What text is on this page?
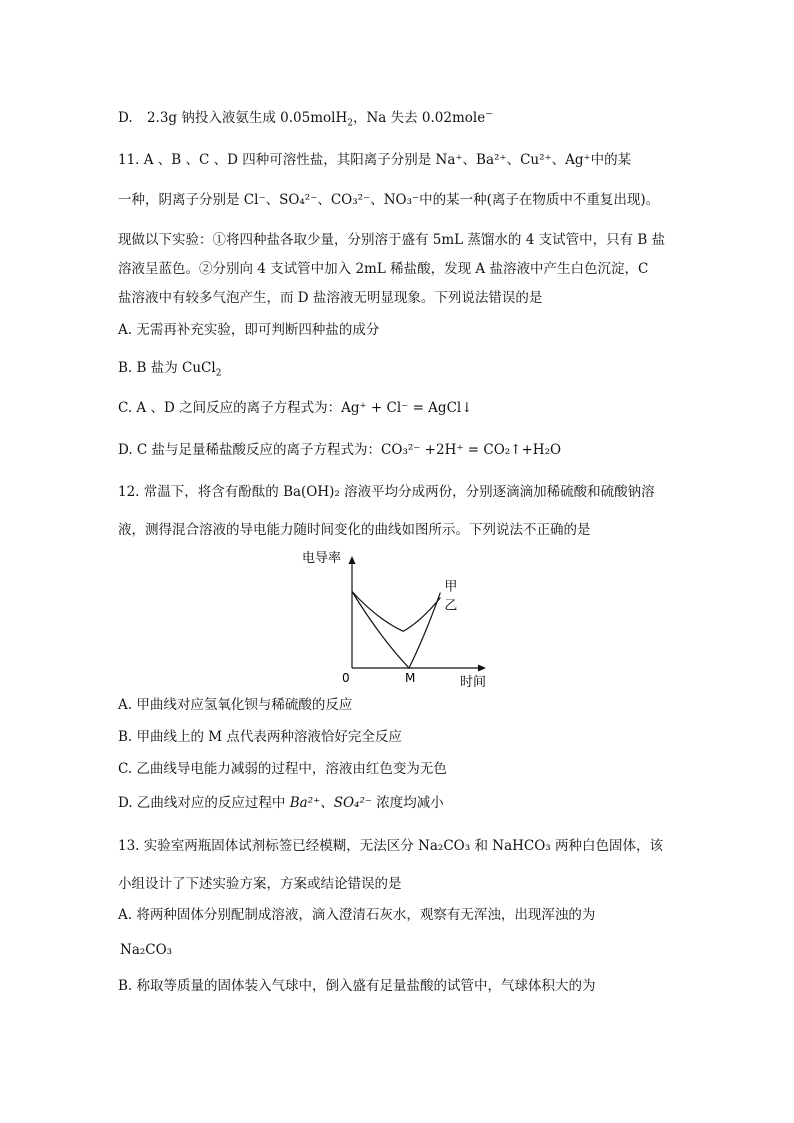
D. 2.3g 钠投入液氨生成 0.05molH$_2$，Na 失去 0.02mole−
11. A 、B 、C 、D 四种可溶性盐，其阳离子分别是 Na⁺、Ba²⁺、Cu²⁺、Ag⁺中的某
一种，阴离子分别是 Cl⁻、SO₄²⁻、CO₃²⁻、NO₃⁻中的某一种(离子在物质中不重复出现)。
现做以下实验：①将四种盐各取少量，分别溶于盛有 5mL 蒸馏水的 4 支试管中，只有 B 盐
溶液呈蓝色。②分别向 4 支试管中加入 2mL 稀盐酸，发现 A 盐溶液中产生白色沉淀，C
盐溶液中有较多气泡产生，而 D 盐溶液无明显现象。下列说法错误的是
A. 无需再补充实验，即可判断四种盐的成分
B. B 盐为 CuCl$_2$
C. A 、D 之间反应的离子方程式为：Ag⁺ + Cl⁻ = AgCl↓
D. C 盐与足量稀盐酸反应的离子方程式为：CO₃²⁻ +2H⁺ = CO₂↑+H₂O
12. 常温下，将含有酚酞的 Ba(OH)₂ 溶液平均分成两份，分别逐滴滴加稀硫酸和硫酸钠溶
液，测得混合溶液的导电能力随时间变化的曲线如图所示。下列说法不正确的是
电导率
时间
0	M
甲
乙
A. 甲曲线对应氢氧化钡与稀硫酸的反应
B. 甲曲线上的 M 点代表两种溶液恰好完全反应
C. 乙曲线导电能力减弱的过程中，溶液由红色变为无色
D. 乙曲线对应的反应过程中 Ba²⁺、SO₄²⁻ 浓度均减小
13. 实验室两瓶固体试剂标签已经模糊，无法区分 Na₂CO₃ 和 NaHCO₃ 两种白色固体，该
小组设计了下述实验方案，方案或结论错误的是
A. 将两种固体分别配制成溶液，滴入澄清石灰水，观察有无浑浊，出现浑浊的为
Na₂CO₃
B. 称取等质量的固体装入气球中，倒入盛有足量盐酸的试管中，气球体积大的为
